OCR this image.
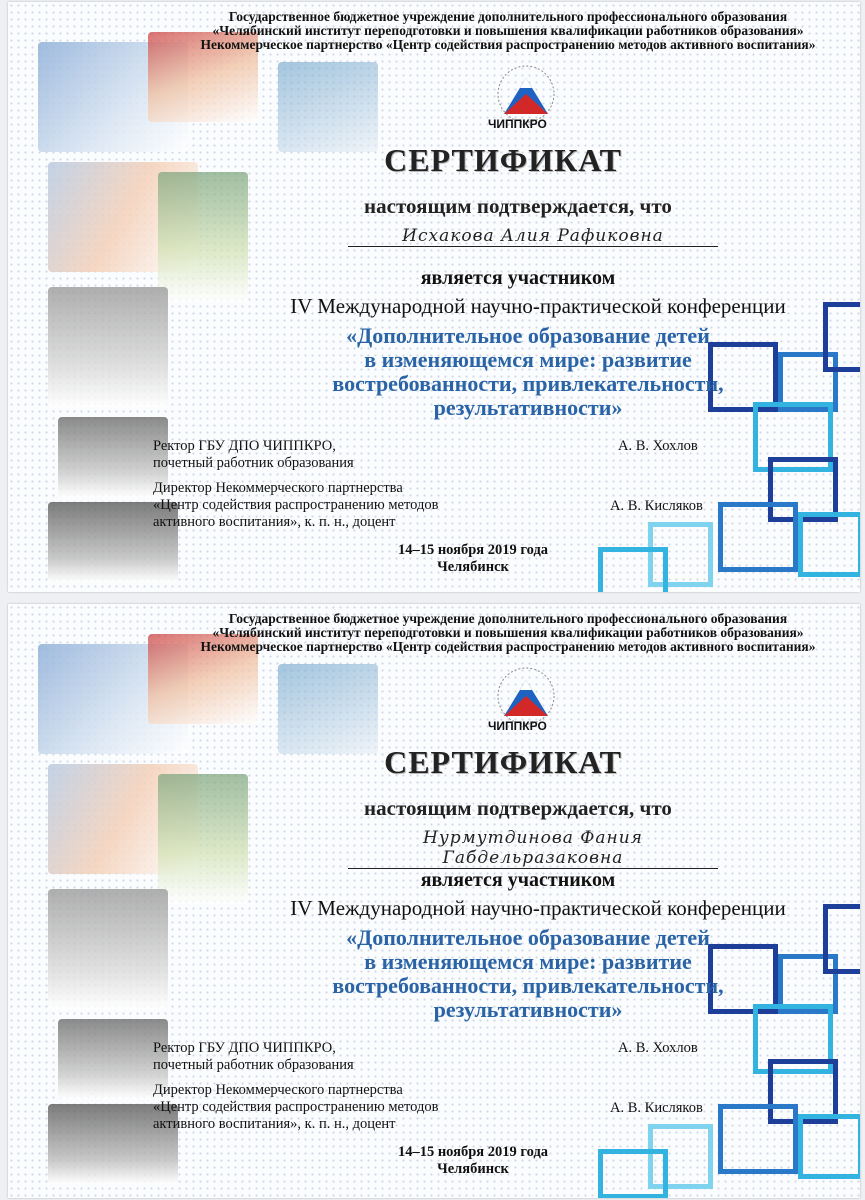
Государственное бюджетное учреждение дополнительного профессионального образования
«Челябинский институт переподготовки и повышения квалификации работников образования»
Некоммерческое партнерство «Центр содействия распространению методов активного воспитания»
ЧИППКРО
СЕРТИФИКАТ
настоящим подтверждается, что
Исхакова Алия Рафиковна
является участником
IV Международной научно-практической конференции
«Дополнительное образование детей
в изменяющемся мире: развитие
востребованности, привлекательности,
результативности»
Ректор ГБУ ДПО ЧИППКРО,
почетный работник образования
А. В. Хохлов
Директор Некоммерческого партнерства
«Центр содействия распространению методов
активного воспитания», к. п. н., доцент
А. В. Кисляков
14–15 ноября 2019 года
Челябинск
Государственное бюджетное учреждение дополнительного профессионального образования
«Челябинский институт переподготовки и повышения квалификации работников образования»
Некоммерческое партнерство «Центр содействия распространению методов активного воспитания»
ЧИППКРО
СЕРТИФИКАТ
настоящим подтверждается, что
Нурмутдинова Фания Габдельразаковна
является участником
IV Международной научно-практической конференции
«Дополнительное образование детей
в изменяющемся мире: развитие
востребованности, привлекательности,
результативности»
Ректор ГБУ ДПО ЧИППКРО,
почетный работник образования
А. В. Хохлов
Директор Некоммерческого партнерства
«Центр содействия распространению методов
активного воспитания», к. п. н., доцент
А. В. Кисляков
14–15 ноября 2019 года
Челябинск
